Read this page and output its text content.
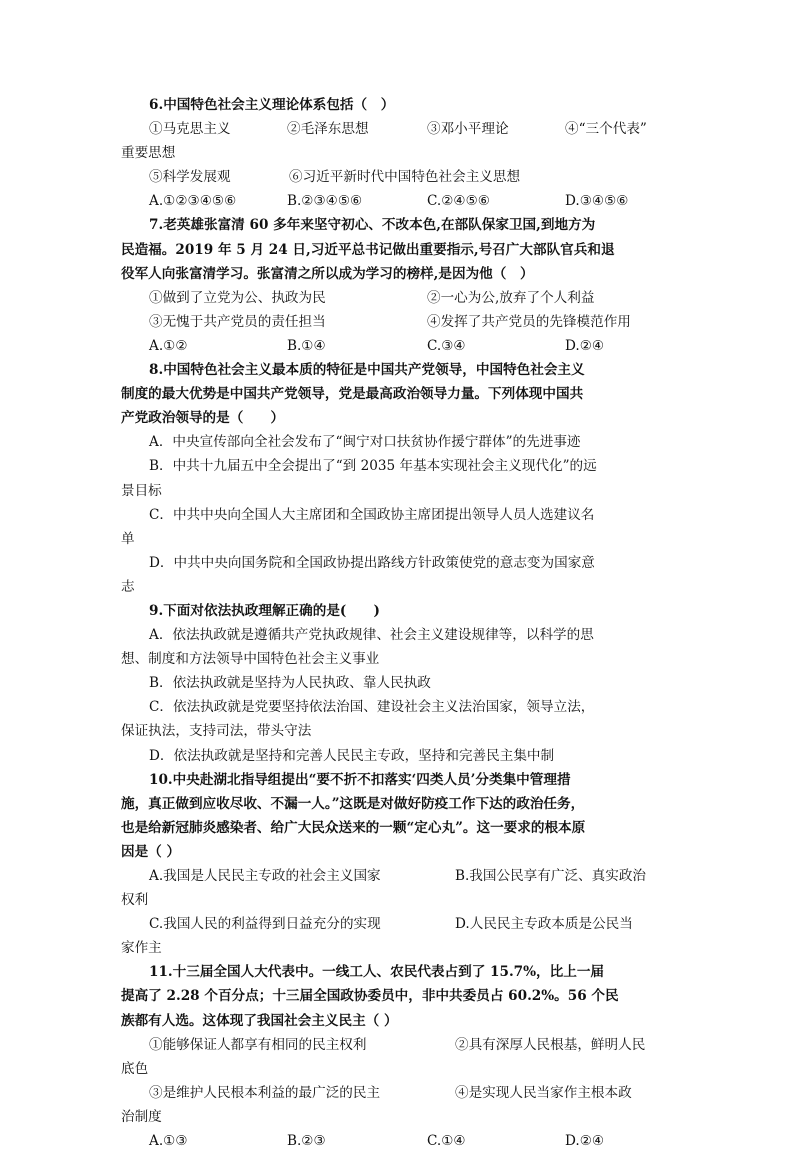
6.中国特色社会主义理论体系包括（　）
①马克思主义	②毛泽东思想	③邓小平理论	④“三个代表”
重要思想
⑤科学发展观	⑥习近平新时代中国特色社会主义思想
A.①②③④⑤⑥	B.②③④⑤⑥	C.②④⑤⑥	D.③④⑤⑥
7.老英雄张富清 60 多年来坚守初心、不改本色,在部队保家卫国,到地方为
民造福。2019 年 5 月 24 日,习近平总书记做出重要指示,号召广大部队官兵和退
役军人向张富清学习。张富清之所以成为学习的榜样,是因为他（　）
①做到了立党为公、执政为民	②一心为公,放弃了个人利益
③无愧于共产党员的责任担当	④发挥了共产党员的先锋模范作用
A.①②	B.①④	C.③④	D.②④
8.中国特色社会主义最本质的特征是中国共产党领导，中国特色社会主义
制度的最大优势是中国共产党领导，党是最高政治领导力量。下列体现中国共
产党政治领导的是（　　）
A．中央宣传部向全社会发布了“闽宁对口扶贫协作援宁群体”的先进事迹
B．中共十九届五中全会提出了“到 2035 年基本实现社会主义现代化”的远
景目标
C．中共中央向全国人大主席团和全国政协主席团提出领导人员人选建议名
单
D．中共中央向国务院和全国政协提出路线方针政策使党的意志变为国家意
志
9.下面对依法执政理解正确的是(　　)
A．依法执政就是遵循共产党执政规律、社会主义建设规律等，以科学的思
想、制度和方法领导中国特色社会主义事业
B．依法执政就是坚持为人民执政、靠人民执政
C．依法执政就是党要坚持依法治国、建设社会主义法治国家，领导立法，
保证执法，支持司法，带头守法
D．依法执政就是坚持和完善人民民主专政，坚持和完善民主集中制
10.中央赴湖北指导组提出“要不折不扣落实‘四类人员’分类集中管理措
施，真正做到应收尽收、不漏一人。”这既是对做好防疫工作下达的政治任务，
也是给新冠肺炎感染者、给广大民众送来的一颗“定心丸”。这一要求的根本原
因是（ ）
A.我国是人民民主专政的社会主义国家	B.我国公民享有广泛、真实政治
权利
C.我国人民的利益得到日益充分的实现	D.人民民主专政本质是公民当
家作主
11.十三届全国人大代表中。一线工人、农民代表占到了 15.7%，比上一届
提高了 2.28 个百分点；十三届全国政协委员中，非中共委员占 60.2%。56 个民
族都有人选。这体现了我国社会主义民主（ ）
①能够保证人都享有相同的民主权利	②具有深厚人民根基，鲜明人民
底色
③是维护人民根本利益的最广泛的民主	④是实现人民当家作主根本政
治制度
A.①③	B.②③	C.①④	D.②④
